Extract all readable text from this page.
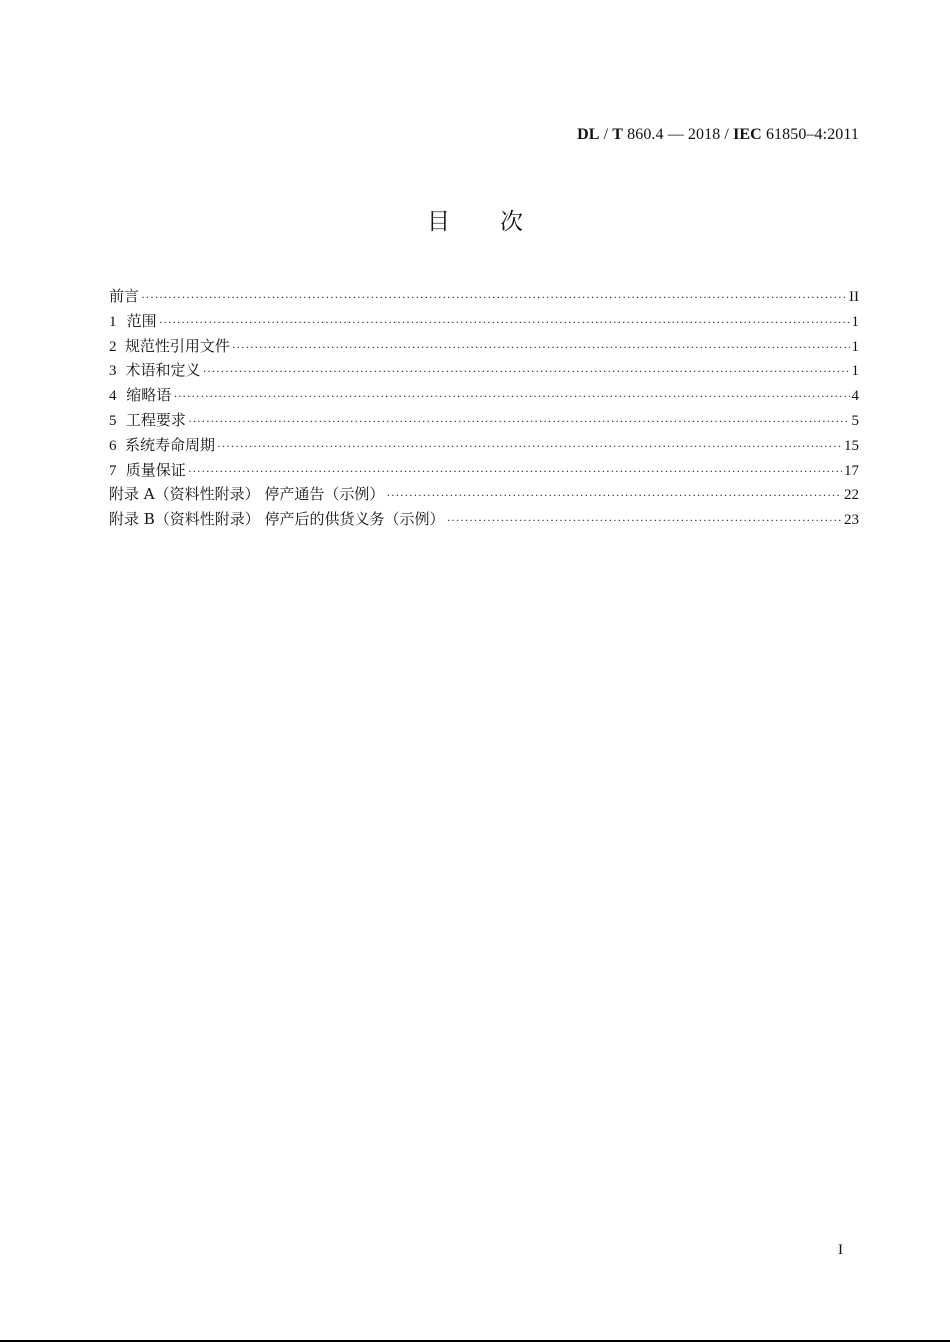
DL / T 860.4 — 2018 / IEC 61850–4:2011
目 次
前言 ·····	II
1 范围 ·····	1
2 规范性引用文件 ·····	1
3 术语和定义 ·····	1
4 缩略语 ·····	4
5 工程要求 ·····	5
6 系统寿命周期 ·····	15
7 质量保证 ·····	17
附录 A（资料性附录） 停产通告（示例） ·····	22
附录 B（资料性附录） 停产后的供货义务（示例） ·····	23
I
